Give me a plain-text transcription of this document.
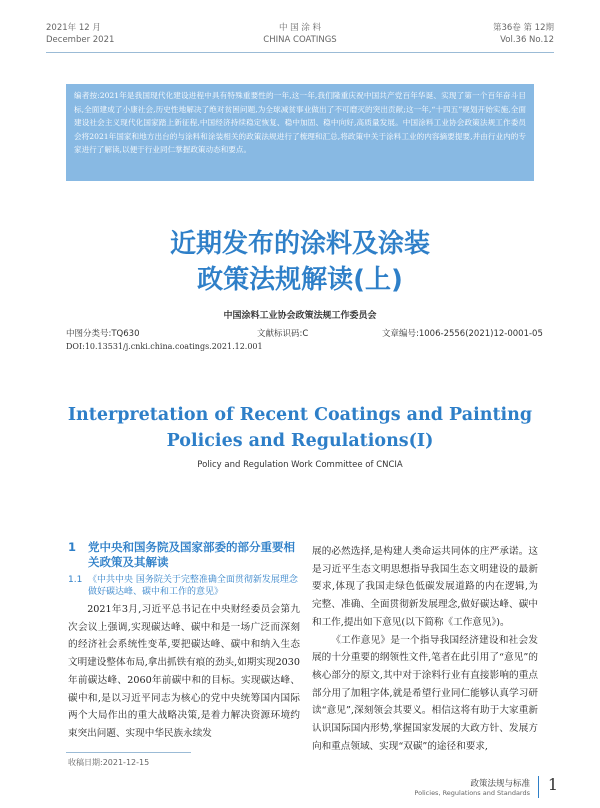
2021年 12 月
December 2021
中 国 涂 料
CHINA COATINGS
第36卷 第 12期
Vol.36 No.12
编者按:2021年是我国现代化建设进程中具有特殊重要性的一年,这一年,我们隆重庆祝中国共产党百年华诞、实现了第一个百年奋斗目标,全面建成了小康社会,历史性地解决了绝对贫困问题,为全球减贫事业做出了不可磨灭的突出贡献;这一年,“十四五”规划开始实施,全面建设社会主义现代化国家踏上新征程,中国经济持续稳定恢复、稳中加固、稳中向好,高质量发展。中国涂料工业协会政策法规工作委员会将2021年国家和地方出台的与涂料和涂装相关的政策法规进行了梳理和汇总,将政策中关于涂料工业的内容摘要提要,并由行业内的专家进行了解读,以便于行业同仁掌握政策动态和要点。
近期发布的涂料及涂装
政策法规解读(上)
中国涂料工业协会政策法规工作委员会
中图分类号:TQ630	文献标识码:C	文章编号:1006-2556(2021)12-0001-05
DOI:10.13531/j.cnki.china.coatings.2021.12.001
Interpretation of Recent Coatings and Painting
Policies and Regulations(Ⅰ)
Policy and Regulation Work Committee of CNCIA
1 党中央和国务院及国家部委的部分重要相关政策及其解读
1.1 《中共中央 国务院关于完整准确全面贯彻新发展理念做好碳达峰、碳中和工作的意见》

2021年3月,习近平总书记在中央财经委员会第九次会议上强调,实现碳达峰、碳中和是一场广泛而深刻的经济社会系统性变革,要把碳达峰、碳中和纳入生态文明建设整体布局,拿出抓铁有痕的劲头,如期实现2030年前碳达峰、2060年前碳中和的目标。实现碳达峰、碳中和,是以习近平同志为核心的党中央统筹国内国际两个大局作出的重大战略决策,是着力解决资源环境约束突出问题、实现中华民族永续发

展的必然选择,是构建人类命运共同体的庄严承诺。这是习近平生态文明思想指导我国生态文明建设的最新要求,体现了我国走绿色低碳发展道路的内在逻辑,为完整、准确、全面贯彻新发展理念,做好碳达峰、碳中和工作,提出如下意见(以下简称《工作意见》)。

《工作意见》是一个指导我国经济建设和社会发展的十分重要的纲领性文件,笔者在此引用了“意见”的核心部分的原文,其中对于涂料行业有直接影响的重点部分用了加粗字体,就是希望行业同仁能够认真学习研读“意见”,深刻领会其要义。相信这将有助于大家重新认识国际国内形势,掌握国家发展的大政方针、发展方向和重点领域、实现“双碳”的途径和要求,

收稿日期:2021-12-15
政策法规与标准
Policies, Regulations and Standards 1
